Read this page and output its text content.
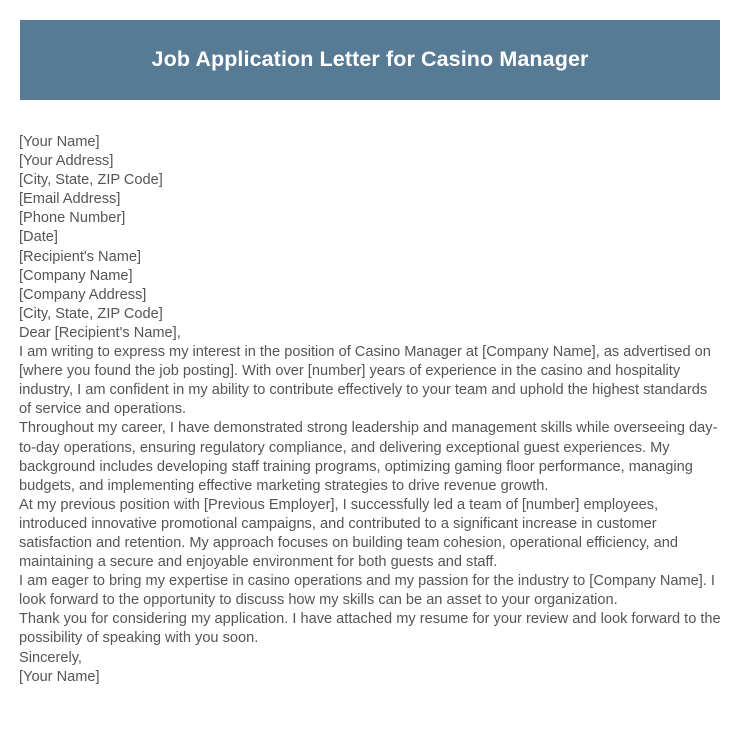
Job Application Letter for Casino Manager
[Your Name]
[Your Address]
[City, State, ZIP Code]
[Email Address]
[Phone Number]
[Date]
[Recipient's Name]
[Company Name]
[Company Address]
[City, State, ZIP Code]
Dear [Recipient's Name],

I am writing to express my interest in the position of Casino Manager at [Company Name], as advertised on [where you found the job posting]. With over [number] years of experience in the casino and hospitality industry, I am confident in my ability to contribute effectively to your team and uphold the highest standards of service and operations.

Throughout my career, I have demonstrated strong leadership and management skills while overseeing day-to-day operations, ensuring regulatory compliance, and delivering exceptional guest experiences. My background includes developing staff training programs, optimizing gaming floor performance, managing budgets, and implementing effective marketing strategies to drive revenue growth.

At my previous position with [Previous Employer], I successfully led a team of [number] employees, introduced innovative promotional campaigns, and contributed to a significant increase in customer satisfaction and retention. My approach focuses on building team cohesion, operational efficiency, and maintaining a secure and enjoyable environment for both guests and staff.

I am eager to bring my expertise in casino operations and my passion for the industry to [Company Name]. I look forward to the opportunity to discuss how my skills can be an asset to your organization.

Thank you for considering my application. I have attached my resume for your review and look forward to the possibility of speaking with you soon.

Sincerely,
[Your Name]
